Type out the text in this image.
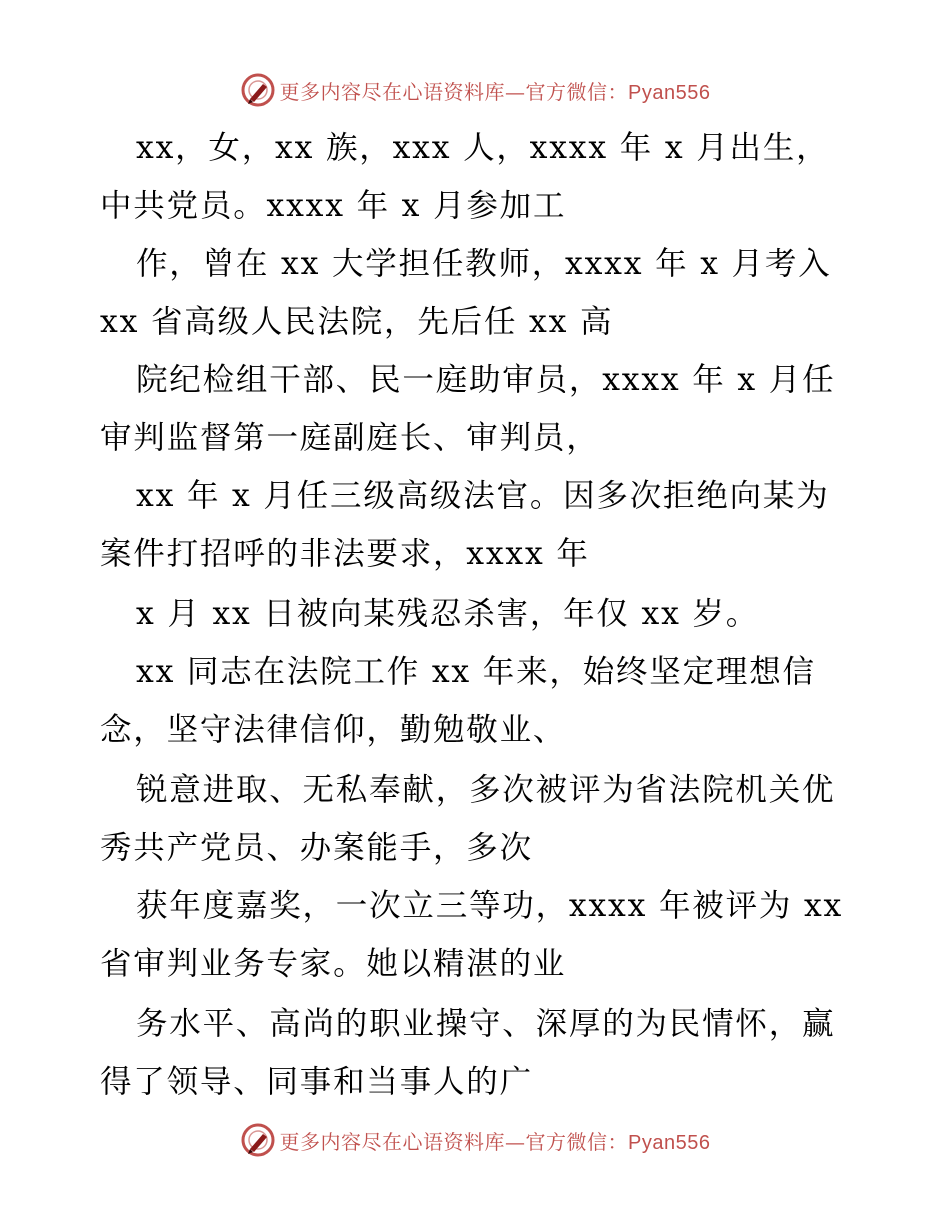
更多内容尽在心语资料库—官方微信：Pyan556
xx，女，xx 族，xxx 人，xxxx 年 x 月出生，
中共党员。xxxx 年 x 月参加工
作，曾在 xx 大学担任教师，xxxx 年 x 月考入
xx 省高级人民法院，先后任 xx 高
院纪检组干部、民一庭助审员，xxxx 年 x 月任
审判监督第一庭副庭长、审判员，
xx 年 x 月任三级高级法官。因多次拒绝向某为
案件打招呼的非法要求，xxxx 年
x 月 xx 日被向某残忍杀害，年仅 xx 岁。
xx 同志在法院工作 xx 年来，始终坚定理想信
念，坚守法律信仰，勤勉敬业、
锐意进取、无私奉献，多次被评为省法院机关优
秀共产党员、办案能手，多次
获年度嘉奖，一次立三等功，xxxx 年被评为 xx
省审判业务专家。她以精湛的业
务水平、高尚的职业操守、深厚的为民情怀，赢
得了领导、同事和当事人的广
更多内容尽在心语资料库—官方微信：Pyan556
